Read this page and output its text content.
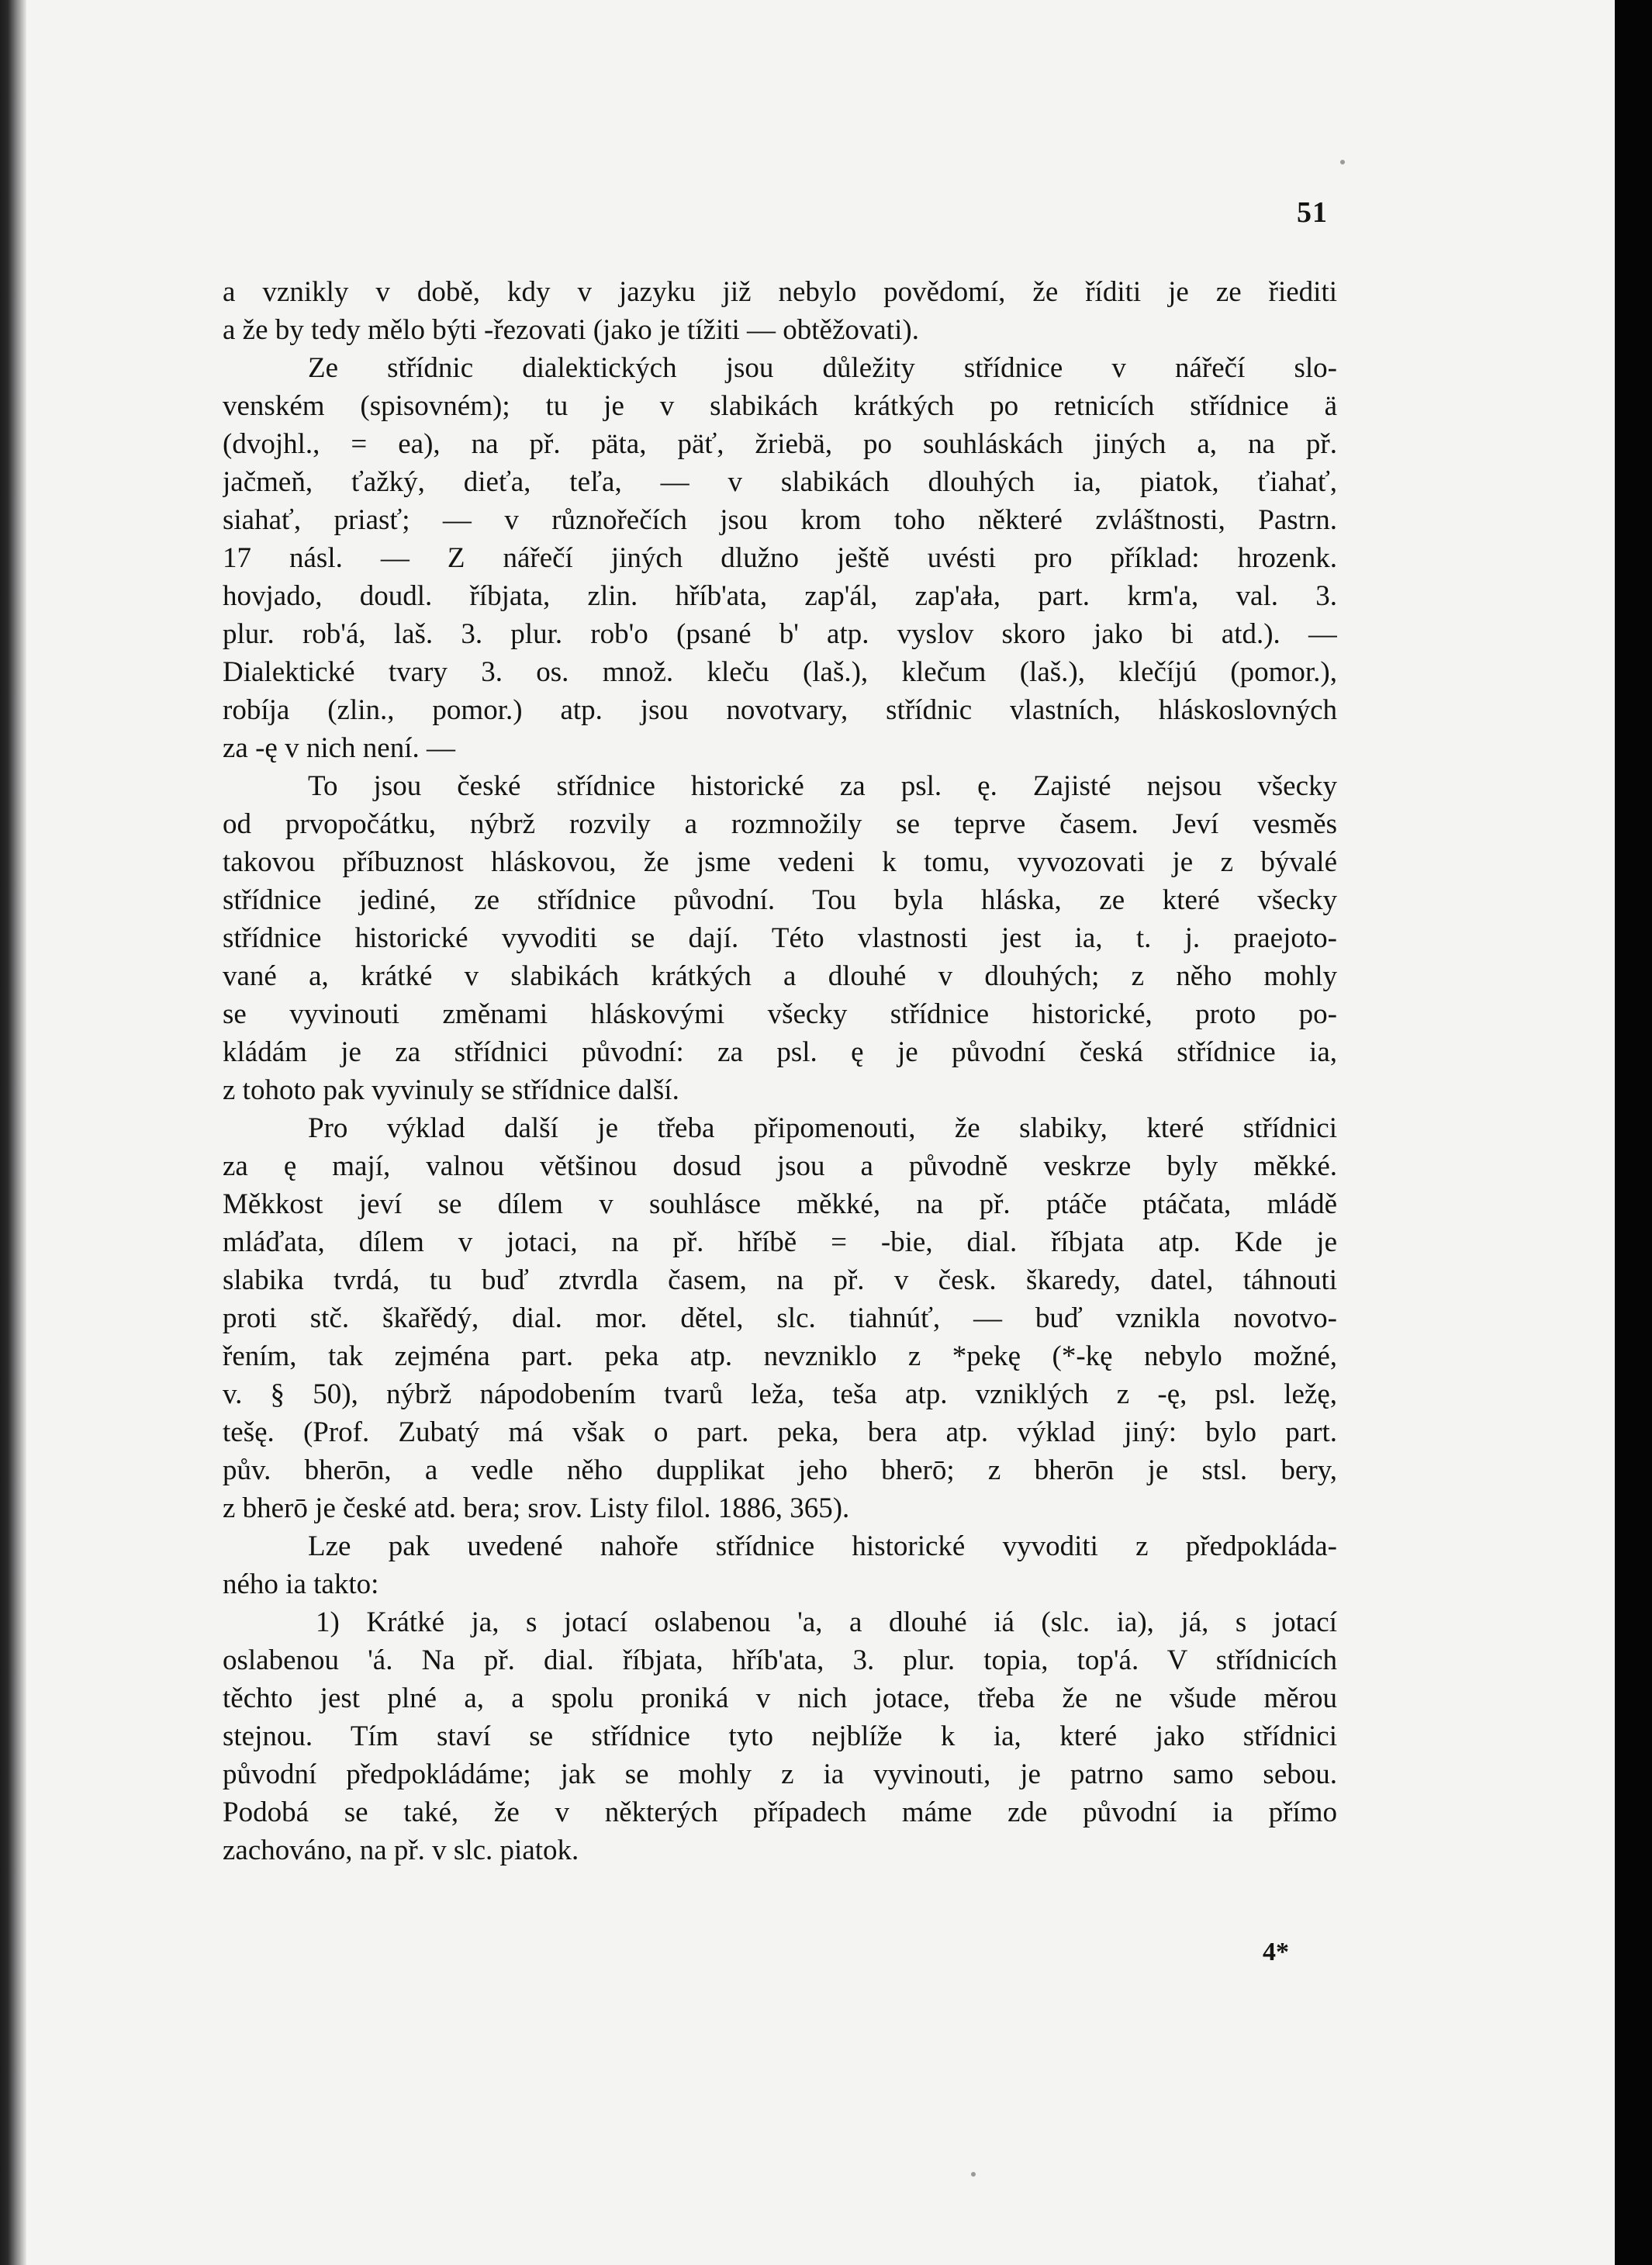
51
a vznikly v době, kdy v jazyku již nebylo povědomí, že říditi je ze řiediti
a že by tedy mělo býti -řezovati (jako je tížiti — obtěžovati).
Ze střídnic dialektických jsou důležity střídnice v nářečí slo-
venském (spisovném); tu je v slabikách krátkých po retnicích střídnice ä
(dvojhl., = ea), na př. päta, päť, žriebä, po souhláskách jiných a, na př.
jačmeň, ťažký, dieťa, teľa, — v slabikách dlouhých ia, piatok, ťiahať,
siahať, priasť; — v různořečích jsou krom toho některé zvláštnosti, Pastrn.
17 násl. — Z nářečí jiných dlužno ještě uvésti pro příklad: hrozenk.
hovjado, doudl. říbjata, zlin. hříb'ata, zap'ál, zap'ała, part. krm'a, val. 3.
plur. rob'á, laš. 3. plur. rob'o (psané b' atp. vyslov skoro jako bi atd.). —
Dialektické tvary 3. os. množ. kleču (laš.), klečum (laš.), klečíjú (pomor.),
robíja (zlin., pomor.) atp. jsou novotvary, střídnic vlastních, hláskoslovných
za -ę v nich není. —
To jsou české střídnice historické za psl. ę. Zajisté nejsou všecky
od prvopočátku, nýbrž rozvily a rozmnožily se teprve časem. Jeví vesměs
takovou příbuznost hláskovou, že jsme vedeni k tomu, vyvozovati je z bývalé
střídnice jediné, ze střídnice původní. Tou byla hláska, ze které všecky
střídnice historické vyvoditi se dají. Této vlastnosti jest ia, t. j. praejoto-
vané a, krátké v slabikách krátkých a dlouhé v dlouhých; z něho mohly
se vyvinouti změnami hláskovými všecky střídnice historické, proto po-
kládám je za střídnici původní: za psl. ę je původní česká střídnice ia,
z tohoto pak vyvinuly se střídnice další.
Pro výklad další je třeba připomenouti, že slabiky, které střídnici
za ę mají, valnou většinou dosud jsou a původně veskrze byly měkké.
Měkkost jeví se dílem v souhlásce měkké, na př. ptáče ptáčata, mládě
mláďata, dílem v jotaci, na př. hříbě = -bie, dial. říbjata atp. Kde je
slabika tvrdá, tu buď ztvrdla časem, na př. v česk. škaredy, datel, táhnouti
proti stč. škařědý, dial. mor. dětel, slc. tiahnúť, — buď vznikla novotvo-
řením, tak zejména part. peka atp. nevzniklo z *pekę (*-kę nebylo možné,
v. § 50), nýbrž nápodobením tvarů leža, teša atp. vzniklých z -ę, psl. ležę,
tešę. (Prof. Zubatý má však o part. peka, bera atp. výklad jiný: bylo part.
pův. bherōn, a vedle něho dupplikat jeho bherō; z bherōn je stsl. bery,
z bherō je české atd. bera; srov. Listy filol. 1886, 365).
Lze pak uvedené nahoře střídnice historické vyvoditi z předpokláda-
ného ia takto:
1) Krátké ja, s jotací oslabenou 'a, a dlouhé iá (slc. ia), já, s jotací
oslabenou 'á. Na př. dial. říbjata, hříb'ata, 3. plur. topia, top'á. V střídnicích
těchto jest plné a, a spolu proniká v nich jotace, třeba že ne všude měrou
stejnou. Tím staví se střídnice tyto nejblíže k ia, které jako střídnici
původní předpokládáme; jak se mohly z ia vyvinouti, je patrno samo sebou.
Podobá se také, že v některých případech máme zde původní ia přímo
zachováno, na př. v slc. piatok.
4*
